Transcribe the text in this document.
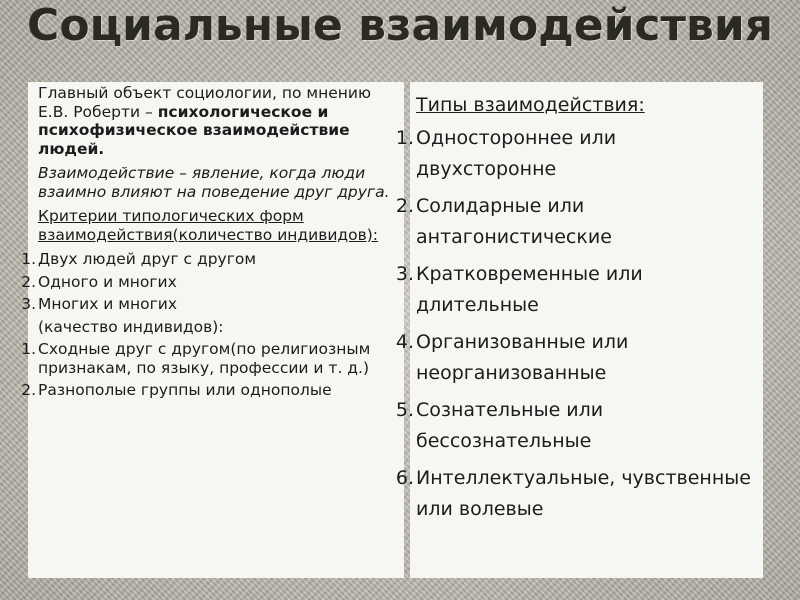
Социальные взаимодействия

Главный объект социологии, по мнению Е.В. Роберти – психологическое и психофизическое взаимодействие людей.

Взаимодействие – явление, когда люди взаимно влияют на поведение друг друга.

Критерии типологических форм взаимодействия(количество индивидов):

1. Двух людей друг с другом
2. Одного и многих
3. Многих и многих

(качество индивидов):

1. Сходные друг с другом(по религиозным признакам, по языку, профессии и т. д.)
2. Разнополые группы или однополые

Типы взаимодействия:

1. Одностороннее или двухсторонне
2. Солидарные или антагонистические
3. Кратковременные или длительные
4. Организованные или неорганизованные
5. Сознательные или бессознательные
6. Интеллектуальные, чувственные или волевые
